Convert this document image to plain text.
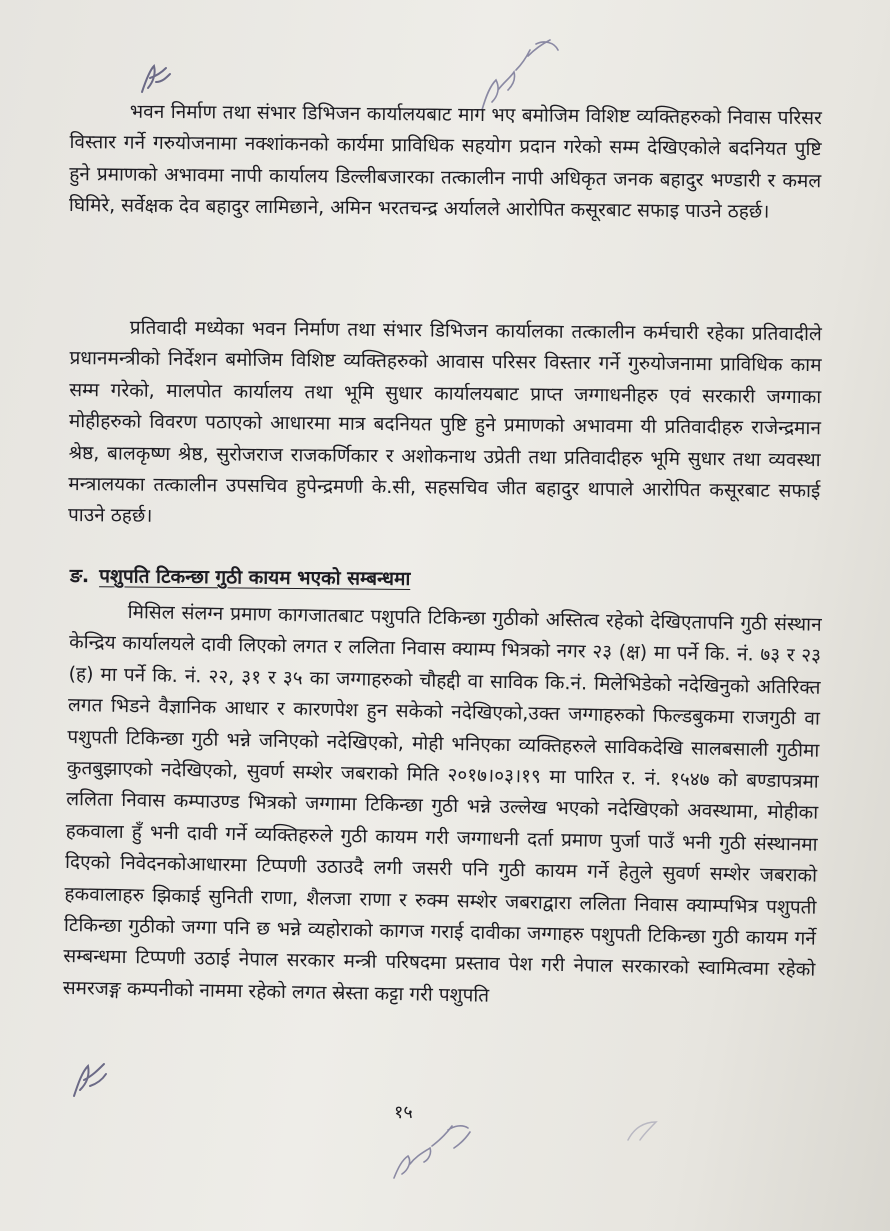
भवन निर्माण तथा संभार डिभिजन कार्यालयबाट माग भए बमोजिम विशिष्ट व्यक्तिहरुको निवास परिसर विस्तार गर्ने गरुयोजनामा नक्शांकनको कार्यमा प्राविधिक सहयोग प्रदान गरेको सम्म देखिएकोले बदनियत पुष्टि हुने प्रमाणको अभावमा नापी कार्यालय डिल्लीबजारका तत्कालीन नापी अधिकृत जनक बहादुर भण्डारी र कमल घिमिरे, सर्वेक्षक देव बहादुर लामिछाने, अमिन भरतचन्द्र अर्यालले आरोपित कसूरबाट सफाइ पाउने ठहर्छ।

प्रतिवादी मध्येका भवन निर्माण तथा संभार डिभिजन कार्यालका तत्कालीन कर्मचारी रहेका प्रतिवादीले प्रधानमन्त्रीको निर्देशन बमोजिम विशिष्ट व्यक्तिहरुको आवास परिसर विस्तार गर्ने गुरुयोजनामा प्राविधिक काम सम्म गरेको, मालपोत कार्यालय तथा भूमि सुधार कार्यालयबाट प्राप्त जग्गाधनीहरु एवं सरकारी जग्गाका मोहीहरुको विवरण पठाएको आधारमा मात्र बदनियत पुष्टि हुने प्रमाणको अभावमा यी प्रतिवादीहरु राजेन्द्रमान श्रेष्ठ, बालकृष्ण श्रेष्ठ, सुरोजराज राजकर्णिकार र अशोकनाथ उप्रेती तथा प्रतिवादीहरु भूमि सुधार तथा व्यवस्था मन्त्रालयका तत्कालीन उपसचिव हुपेन्द्रमणी के.सी, सहसचिव जीत बहादुर थापाले आरोपित कसूरबाट सफाई पाउने ठहर्छ।

ङ. पशुपति टिकन्छा गुठी कायम भएको सम्बन्धमा

मिसिल संलग्न प्रमाण कागजातबाट पशुपति टिकिन्छा गुठीको अस्तित्व रहेको देखिएतापनि गुठी संस्थान केन्द्रिय कार्यालयले दावी लिएको लगत र ललिता निवास क्याम्प भित्रको नगर २३ (क्ष) मा पर्ने कि. नं. ७३ र २३ (ह) मा पर्ने कि. नं. २२, ३१ र ३५ का जग्गाहरुको चौहद्दी वा साविक कि.नं. मिलेभिडेको नदेखिनुको अतिरिक्त लगत भिडने वैज्ञानिक आधार र कारणपेश हुन सकेको नदेखिएको,उक्त जग्गाहरुको फिल्डबुकमा राजगुठी वा पशुपती टिकिन्छा गुठी भन्ने जनिएको नदेखिएको, मोही भनिएका व्यक्तिहरुले साविकदेखि सालबसाली गुठीमा कुतबुझाएको नदेखिएको, सुवर्ण सम्शेर जबराको मिति २०१७।०३।१९ मा पारित र. नं. १५४७ को बण्डापत्रमा ललिता निवास कम्पाउण्ड भित्रको जग्गामा टिकिन्छा गुठी भन्ने उल्लेख भएको नदेखिएको अवस्थामा, मोहीका हकवाला हुँ भनी दावी गर्ने व्यक्तिहरुले गुठी कायम गरी जग्गाधनी दर्ता प्रमाण पुर्जा पाउँ भनी गुठी संस्थानमा दिएको निवेदनकोआधारमा टिप्पणी उठाउदै लगी जसरी पनि गुठी कायम गर्ने हेतुले सुवर्ण सम्शेर जबराको हकवालाहरु झिकाई सुनिती राणा, शैलजा राणा र रुक्म सम्शेर जबराद्वारा ललिता निवास क्याम्पभित्र पशुपती टिकिन्छा गुठीको जग्गा पनि छ भन्ने व्यहोराको कागज गराई दावीका जग्गाहरु पशुपती टिकिन्छा गुठी कायम गर्ने सम्बन्धमा टिप्पणी उठाई नेपाल सरकार मन्त्री परिषदमा प्रस्ताव पेश गरी नेपाल सरकारको स्वामित्वमा रहेको समरजङ्ग कम्पनीको नाममा रहेको लगत स्रेस्ता कट्टा गरी पशुपति

१५
